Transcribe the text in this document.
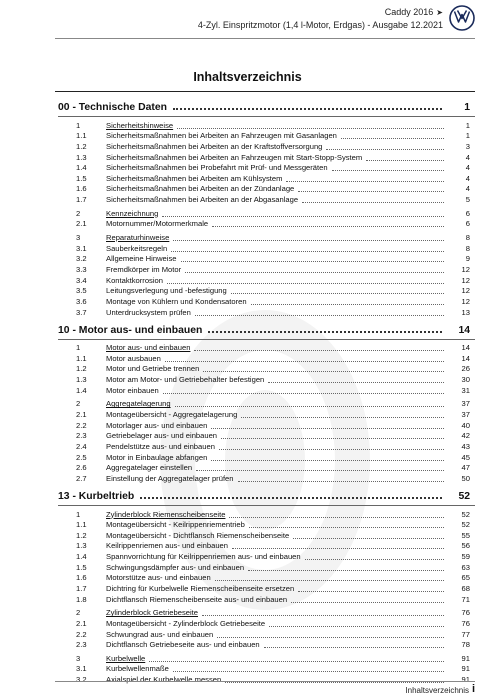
Caddy 2016 ➤
4-Zyl. Einspritzmotor (1,4 l-Motor, Erdgas) - Ausgabe 12.2021
Inhaltsverzeichnis
00 - Technische Daten	1
1	Sicherheitshinweise	1
1.1	Sicherheitsmaßnahmen bei Arbeiten an Fahrzeugen mit Gasanlagen	1
1.2	Sicherheitsmaßnahmen bei Arbeiten an der Kraftstoffversorgung	3
1.3	Sicherheitsmaßnahmen bei Arbeiten an Fahrzeugen mit Start-Stopp-System	4
1.4	Sicherheitsmaßnahmen bei Probefahrt mit Prüf- und Messgeräten	4
1.5	Sicherheitsmaßnahmen bei Arbeiten am Kühlsystem	4
1.6	Sicherheitsmaßnahmen bei Arbeiten an der Zündanlage	4
1.7	Sicherheitsmaßnahmen bei Arbeiten an der Abgasanlage	5
2	Kennzeichnung	6
2.1	Motornummer/Motormerkmale	6
3	Reparaturhinweise	8
3.1	Sauberkeitsregeln	8
3.2	Allgemeine Hinweise	9
3.3	Fremdkörper im Motor	12
3.4	Kontaktkorrosion	12
3.5	Leitungsverlegung und -befestigung	12
3.6	Montage von Kühlern und Kondensatoren	12
3.7	Unterdrucksystem prüfen	13
10 - Motor aus- und einbauen	14
1	Motor aus- und einbauen	14
1.1	Motor ausbauen	14
1.2	Motor und Getriebe trennen	26
1.3	Motor am Motor- und Getriebehalter befestigen	30
1.4	Motor einbauen	31
2	Aggregatelagerung	37
2.1	Montageübersicht - Aggregatelagerung	37
2.2	Motorlager aus- und einbauen	40
2.3	Getriebelager aus- und einbauen	42
2.4	Pendelstütze aus- und einbauen	43
2.5	Motor in Einbaulage abfangen	45
2.6	Aggregatelager einstellen	47
2.7	Einstellung der Aggregatelager prüfen	50
13 - Kurbeltrieb	52
1	Zylinderblock Riemenscheibenseite	52
1.1	Montageübersicht - Keilrippenriementrieb	52
1.2	Montageübersicht - Dichtflansch Riemenscheibenseite	55
1.3	Keilrippenriemen aus- und einbauen	56
1.4	Spannvorrichtung für Keilrippenriemen aus- und einbauen	59
1.5	Schwingungsdämpfer aus- und einbauen	63
1.6	Motorstütze aus- und einbauen	65
1.7	Dichtring für Kurbelwelle Riemenscheibenseite ersetzen	68
1.8	Dichtflansch Riemenscheibenseite aus- und einbauen	71
2	Zylinderblock Getriebeseite	76
2.1	Montageübersicht - Zylinderblock Getriebeseite	76
2.2	Schwungrad aus- und einbauen	77
2.3	Dichtflansch Getriebeseite aus- und einbauen	78
3	Kurbelwelle	91
3.1	Kurbelwellenmaße	91
3.2	Axialspiel der Kurbelwelle messen	91
Inhaltsverzeichnis i
